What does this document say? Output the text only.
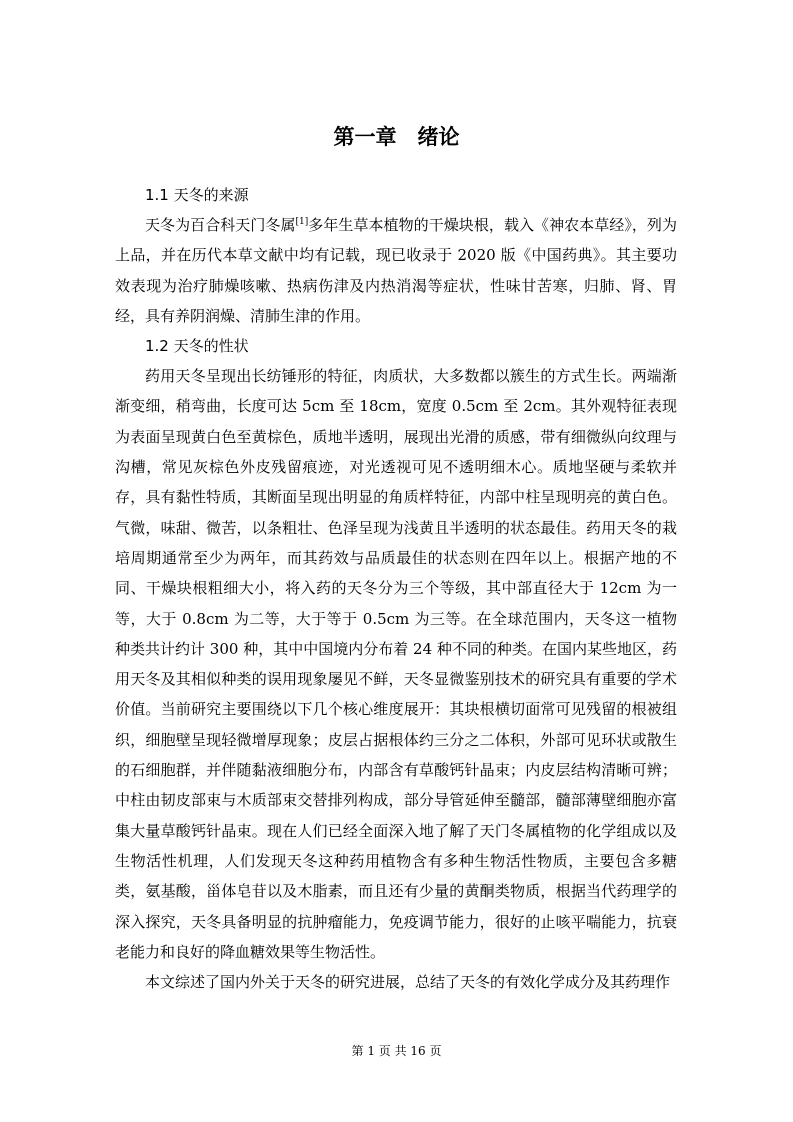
第一章　绪论
1.1 天冬的来源

天冬为百合科天门冬属[1]多年生草本植物的干燥块根，载入《神农本草经》，列为上品，并在历代本草文献中均有记载，现已收录于 2020 版《中国药典》。其主要功效表现为治疗肺燥咳嗽、热病伤津及内热消渴等症状，性味甘苦寒，归肺、肾、胃经，具有养阴润燥、清肺生津的作用。

1.2 天冬的性状

药用天冬呈现出长纺锤形的特征，肉质状，大多数都以簇生的方式生长。两端渐渐变细，稍弯曲，长度可达 5cm 至 18cm，宽度 0.5cm 至 2cm。其外观特征表现为表面呈现黄白色至黄棕色，质地半透明，展现出光滑的质感，带有细微纵向纹理与沟槽，常见灰棕色外皮残留痕迹，对光透视可见不透明细木心。质地坚硬与柔软并存，具有黏性特质，其断面呈现出明显的角质样特征，内部中柱呈现明亮的黄白色。气微，味甜、微苦，以条粗壮、色泽呈现为浅黄且半透明的状态最佳。药用天冬的栽培周期通常至少为两年，而其药效与品质最佳的状态则在四年以上。根据产地的不同、干燥块根粗细大小，将入药的天冬分为三个等级，其中部直径大于 12cm 为一等，大于 0.8cm 为二等，大于等于 0.5cm 为三等。在全球范围内，天冬这一植物种类共计约计 300 种，其中中国境内分布着 24 种不同的种类。在国内某些地区，药用天冬及其相似种类的误用现象屡见不鲜，天冬显微鉴别技术的研究具有重要的学术价值。当前研究主要围绕以下几个核心维度展开：其块根横切面常可见残留的根被组织，细胞壁呈现轻微增厚现象；皮层占据根体约三分之二体积，外部可见环状或散生的石细胞群，并伴随黏液细胞分布，内部含有草酸钙针晶束；内皮层结构清晰可辨；中柱由韧皮部束与木质部束交替排列构成，部分导管延伸至髓部，髓部薄壁细胞亦富集大量草酸钙针晶束。现在人们已经全面深入地了解了天门冬属植物的化学组成以及生物活性机理，人们发现天冬这种药用植物含有多种生物活性物质，主要包含多糖类，氨基酸，甾体皂苷以及木脂素，而且还有少量的黄酮类物质，根据当代药理学的深入探究，天冬具备明显的抗肿瘤能力，免疫调节能力，很好的止咳平喘能力，抗衰老能力和良好的降血糖效果等生物活性。

本文综述了国内外关于天冬的研究进展，总结了天冬的有效化学成分及其药理作

第 1 页 共 16 页
